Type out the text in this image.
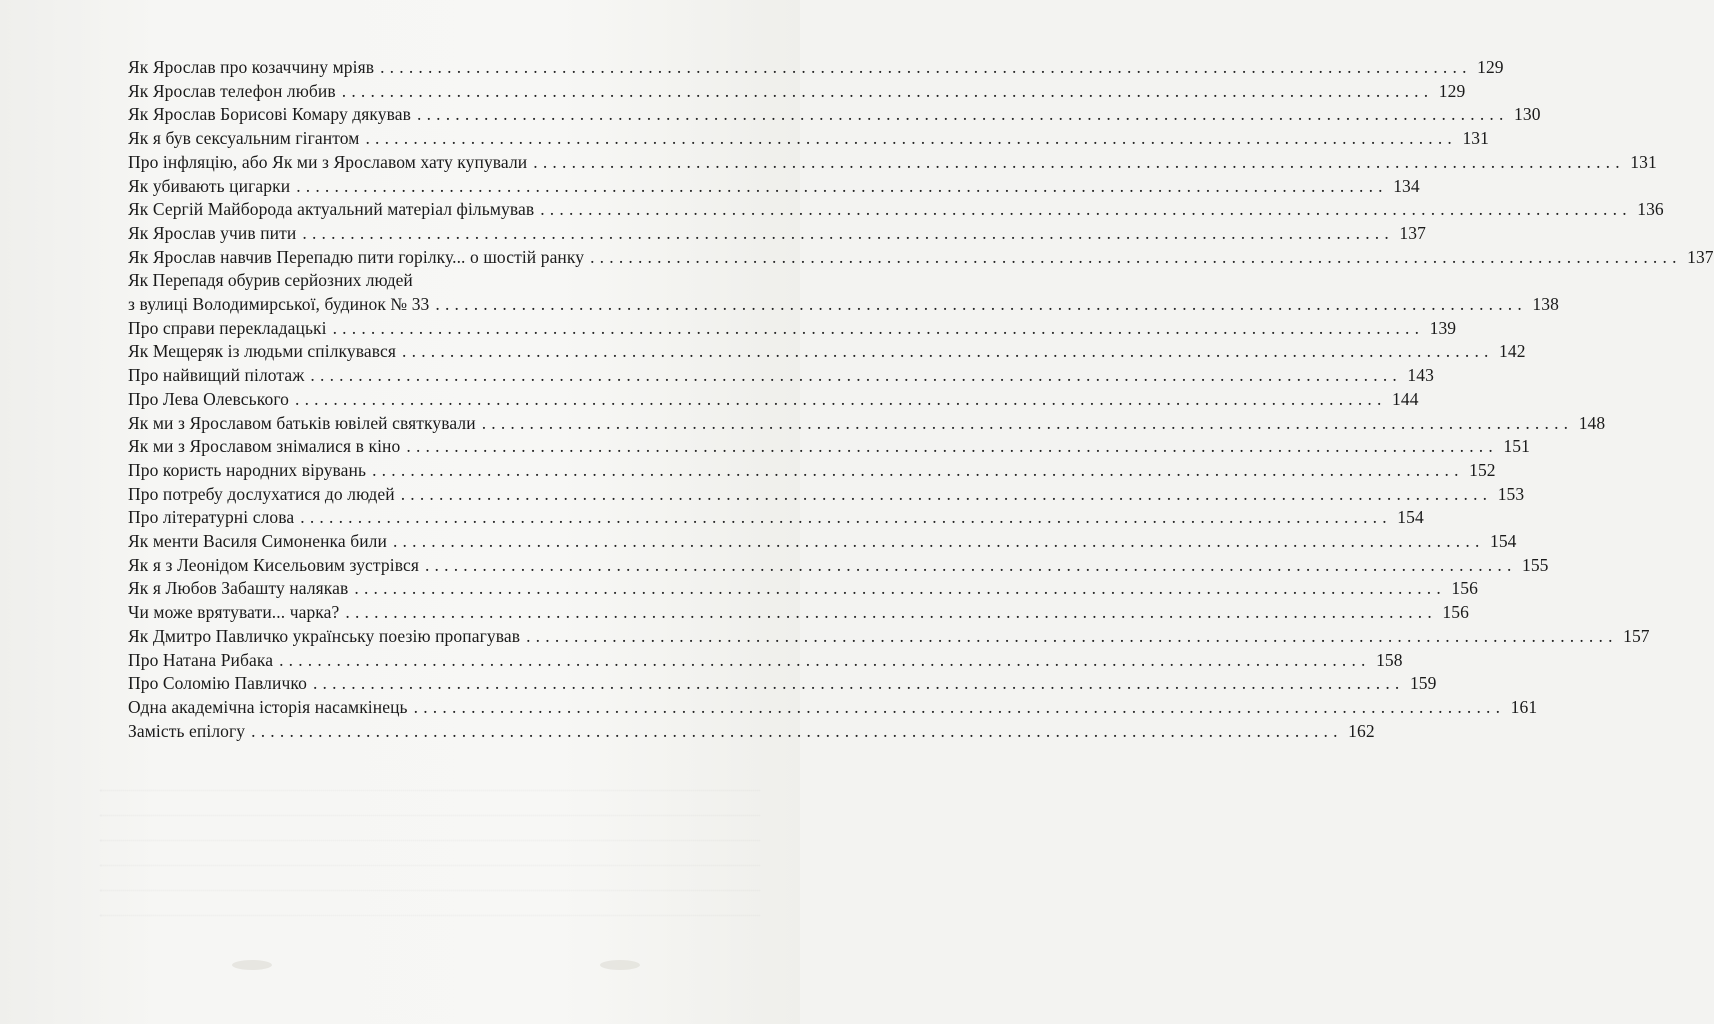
Як Ярослав про козаччину мріяв .................................................................................................................. 129
Як Ярослав телефон любив .................................................................................................................. 129
Як Ярослав Борисові Комару дякував .................................................................................................................. 130
Як я був сексуальним гігантом .................................................................................................................. 131
Про інфляцію, або Як ми з Ярославом хату купували .................................................................................................................. 131
Як убивають цигарки .................................................................................................................. 134
Як Сергій Майборода актуальний матеріал фільмував .................................................................................................................. 136
Як Ярослав учив пити .................................................................................................................. 137
Як Ярослав навчив Перепадю пити горілку... о шостій ранку .................................................................................................................. 137
Як Перепадя обурив серйозних людей
з вулиці Володимирської, будинок № 33 .................................................................................................................. 138
Про справи перекладацькі .................................................................................................................. 139
Як Мещеряк із людьми спілкувався .................................................................................................................. 142
Про найвищий пілотаж .................................................................................................................. 143
Про Лева Олевського .................................................................................................................. 144
Як ми з Ярославом батьків ювілей святкували .................................................................................................................. 148
Як ми з Ярославом знімалися в кіно .................................................................................................................. 151
Про користь народних вірувань .................................................................................................................. 152
Про потребу дослухатися до людей .................................................................................................................. 153
Про літературні слова .................................................................................................................. 154
Як менти Василя Симоненка били .................................................................................................................. 154
Як я з Леонідом Кисельовим зустрівся .................................................................................................................. 155
Як я Любов Забашту налякав .................................................................................................................. 156
Чи може врятувати... чарка? .................................................................................................................. 156
Як Дмитро Павличко українську поезію пропагував .................................................................................................................. 157
Про Натана Рибака .................................................................................................................. 158
Про Соломію Павличко .................................................................................................................. 159
Одна академічна історія насамкінець .................................................................................................................. 161
Замість епілогу .................................................................................................................. 162
